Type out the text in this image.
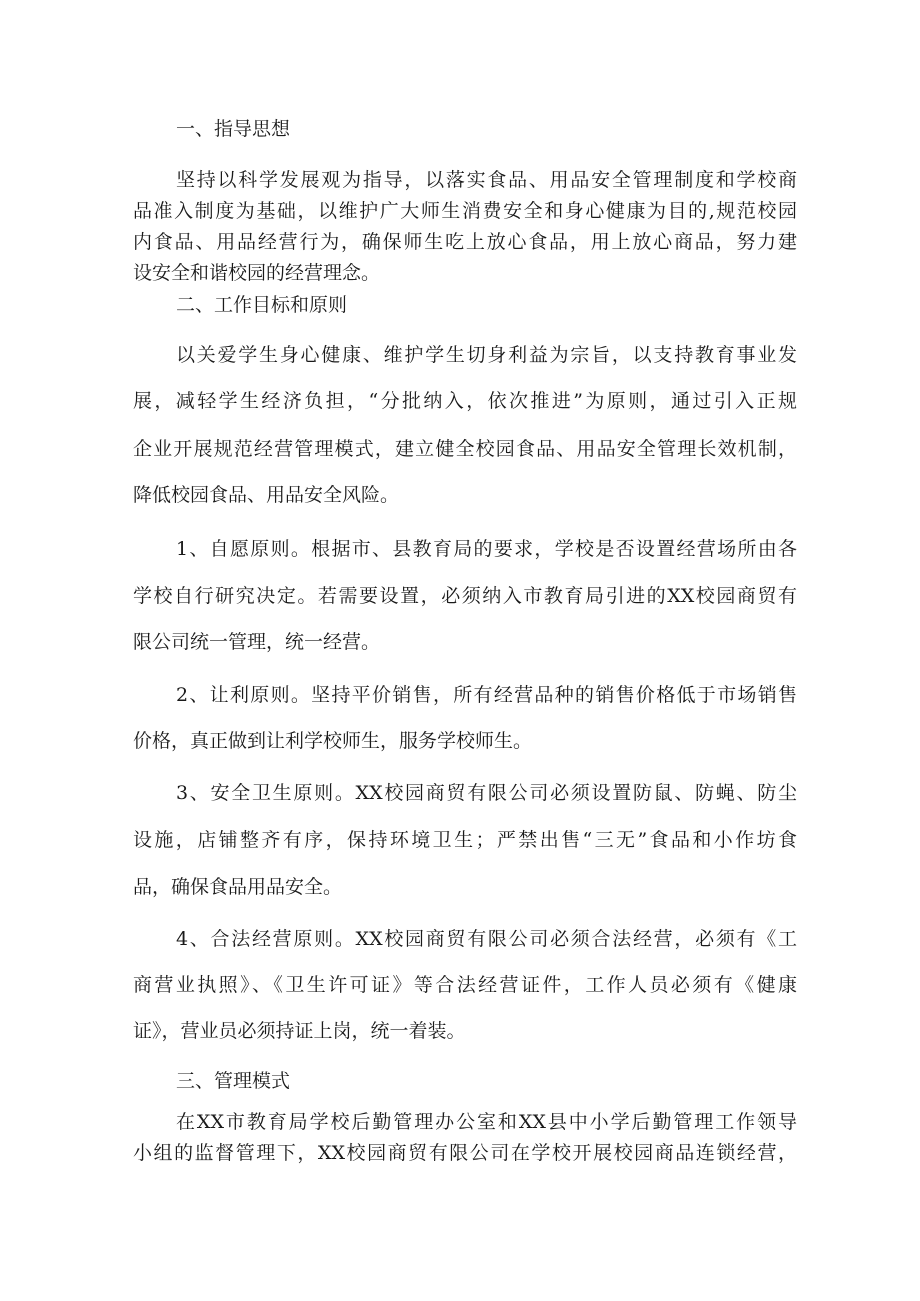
一、指导思想
坚持以科学发展观为指导，以落实食品、用品安全管理制度和学校商
品准入制度为基础，以维护广大师生消费安全和身心健康为目的,规范校园
内食品、用品经营行为，确保师生吃上放心食品，用上放心商品，努力建
设安全和谐校园的经营理念。
二、工作目标和原则
以关爱学生身心健康、维护学生切身利益为宗旨，以支持教育事业发
展，减轻学生经济负担，“分批纳入，依次推进”为原则，通过引入正规
企业开展规范经营管理模式，建立健全校园食品、用品安全管理长效机制，
降低校园食品、用品安全风险。
1、自愿原则。根据市、县教育局的要求，学校是否设置经营场所由各
学校自行研究决定。若需要设置，必须纳入市教育局引进的XX校园商贸有
限公司统一管理，统一经营。
2、让利原则。坚持平价销售，所有经营品种的销售价格低于市场销售
价格，真正做到让利学校师生，服务学校师生。
3、安全卫生原则。XX校园商贸有限公司必须设置防鼠、防蝇、防尘
设施，店铺整齐有序，保持环境卫生；严禁出售“三无”食品和小作坊食
品，确保食品用品安全。
4、合法经营原则。XX校园商贸有限公司必须合法经营，必须有《工
商营业执照》、《卫生许可证》等合法经营证件，工作人员必须有《健康
证》，营业员必须持证上岗，统一着装。
三、管理模式
在XX市教育局学校后勤管理办公室和XX县中小学后勤管理工作领导
小组的监督管理下，XX校园商贸有限公司在学校开展校园商品连锁经营，
